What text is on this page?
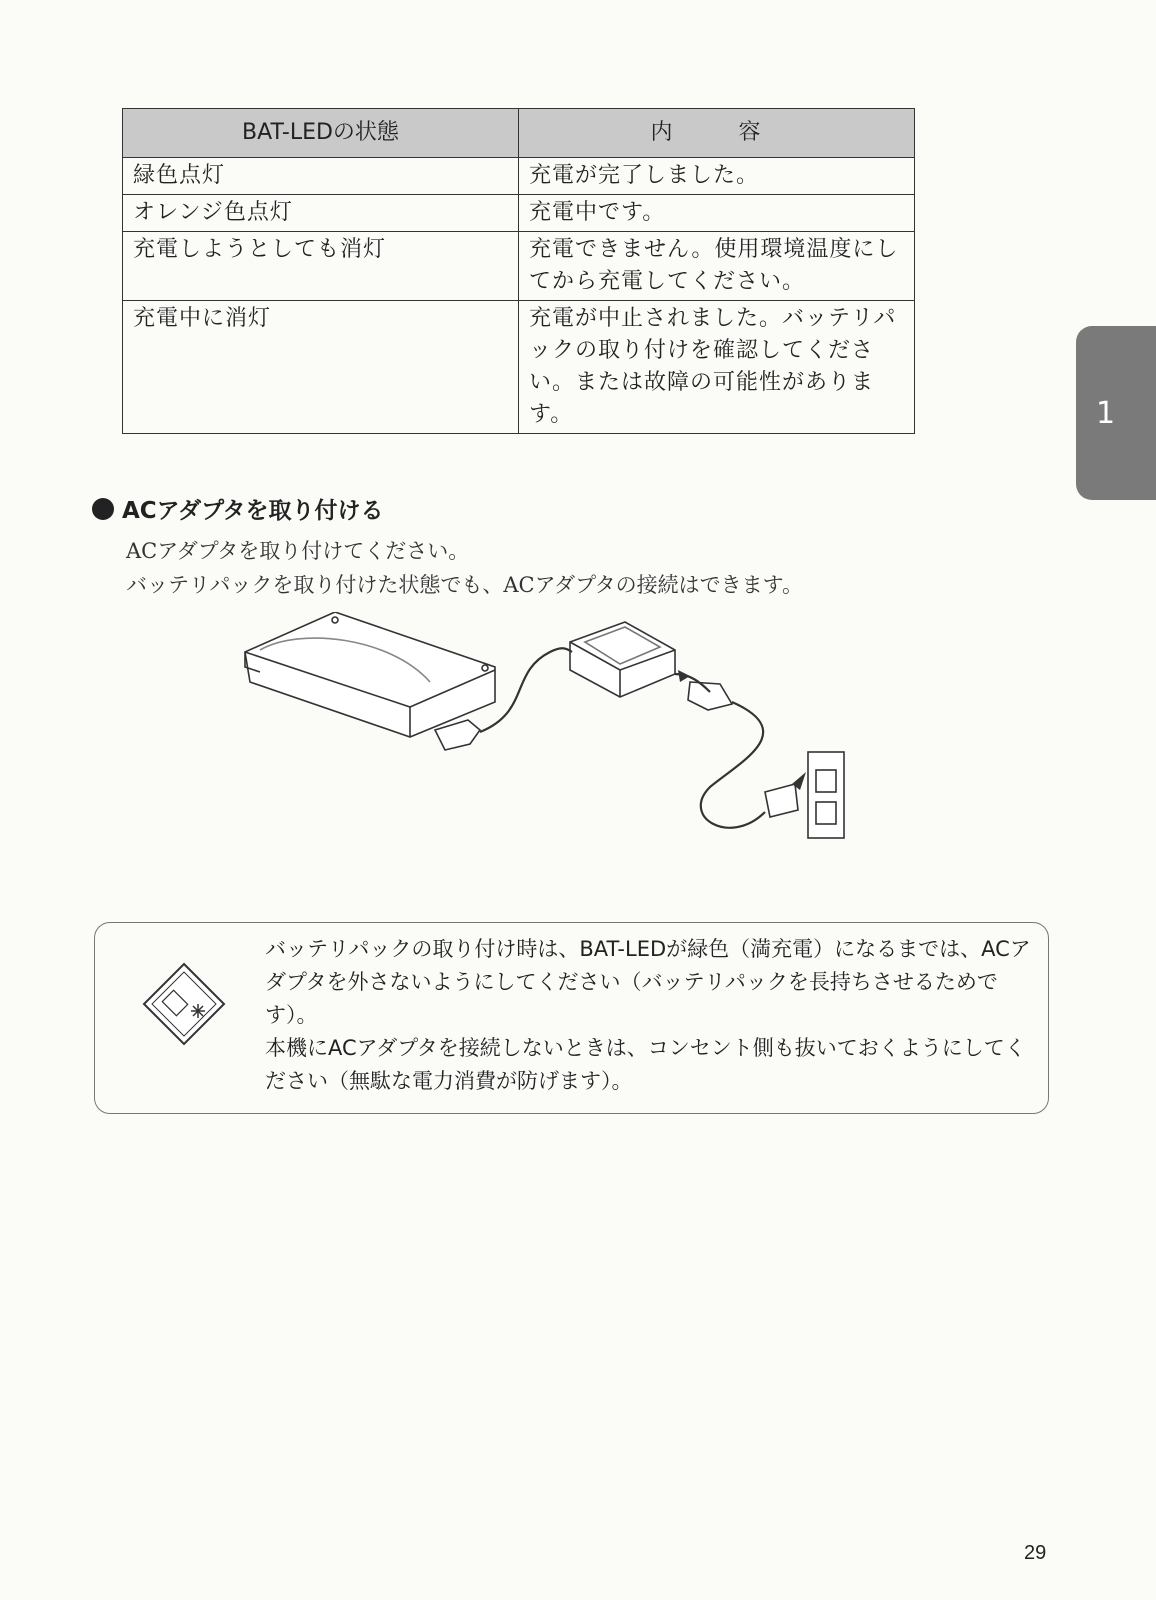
BAT-LEDの状態	内　容
緑色点灯	充電が完了しました。
オレンジ色点灯	充電中です。
充電しようとしても消灯	充電できません。使用環境温度にしてから充電してください。
充電中に消灯	充電が中止されました。バッテリパックの取り付けを確認してください。または故障の可能性があります。	1
ACアダプタを取り付ける

ACアダプタを取り付けてください。

バッテリパックを取り付けた状態でも、ACアダプタの接続はできます。

バッテリパックの取り付け時は、BAT-LEDが緑色（満充電）になるまでは、ACアダプタを外さないようにしてください（バッテリパックを長持ちさせるためです）。

本機にACアダプタを接続しないときは、コンセント側も抜いておくようにしてください（無駄な電力消費が防げます）。

29
